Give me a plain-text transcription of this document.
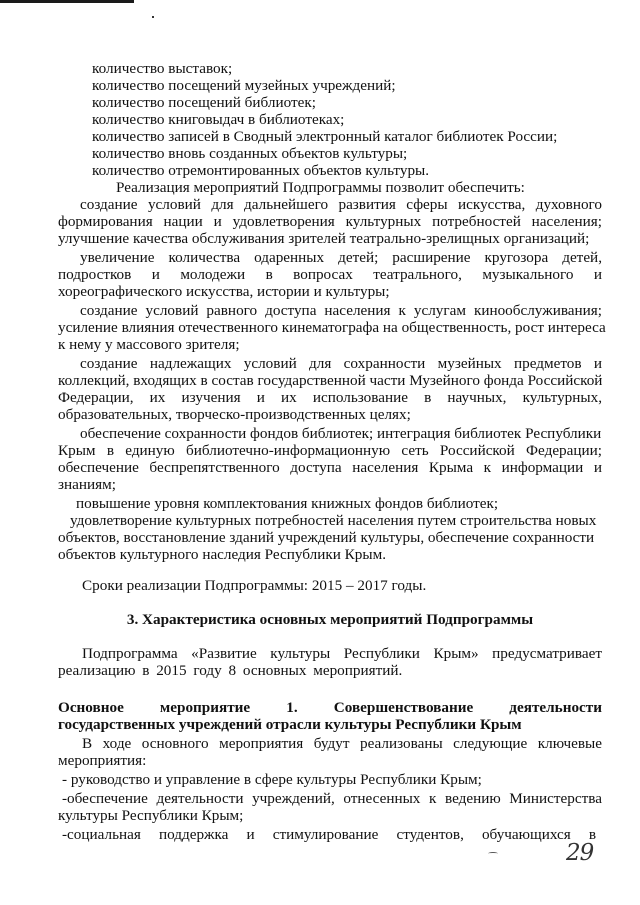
количество выставок;
количество посещений музейных учреждений;
количество посещений библиотек;
количество книговыдач в библиотеках;
количество записей в Сводный электронный каталог библиотек России;
количество вновь созданных объектов культуры;
количество отремонтированных объектов культуры.
Реализация мероприятий Подпрограммы позволит обеспечить:
создание условий для дальнейшего развития сферы искусства, духовного
формирования нации и удовлетворения культурных потребностей населения;
улучшение качества обслуживания зрителей театрально-зрелищных организаций;
увеличение количества одаренных детей; расширение кругозора детей,
подростков и молодежи в вопросах театрального, музыкального и
хореографического искусства, истории и культуры;
создание условий равного доступа населения к услугам кинообслуживания;
усиление влияния отечественного кинематографа на общественность, рост интереса
к нему у массового зрителя;
создание надлежащих условий для сохранности музейных предметов и
коллекций, входящих в состав государственной части Музейного фонда Российской
Федерации, их изучения и их использование в научных, культурных,
образовательных, творческо-производственных целях;
обеспечение сохранности фондов библиотек; интеграция библиотек Республики
Крым в единую библиотечно-информационную сеть Российской Федерации;
обеспечение беспрепятственного доступа населения Крыма к информации и
знаниям;
повышение уровня комплектования книжных фондов библиотек;
удовлетворение культурных потребностей населения путем строительства новых
объектов, восстановление зданий учреждений культуры, обеспечение сохранности
объектов культурного наследия Республики Крым.
Сроки реализации Подпрограммы: 2015 – 2017 годы.
3. Характеристика основных мероприятий Подпрограммы
Подпрограмма «Развитие культуры Республики Крым» предусматривает
реализацию в 2015 году 8 основных мероприятий.
Основное мероприятие 1. Совершенствование деятельности
государственных учреждений отрасли культуры Республики Крым
В ходе основного мероприятия будут реализованы следующие ключевые
мероприятия:
- руководство и управление в сфере культуры Республики Крым;
-обеспечение деятельности учреждений, отнесенных к ведению Министерства
культуры Республики Крым;
-социальная поддержка и стимулирование студентов, обучающихся в
29
